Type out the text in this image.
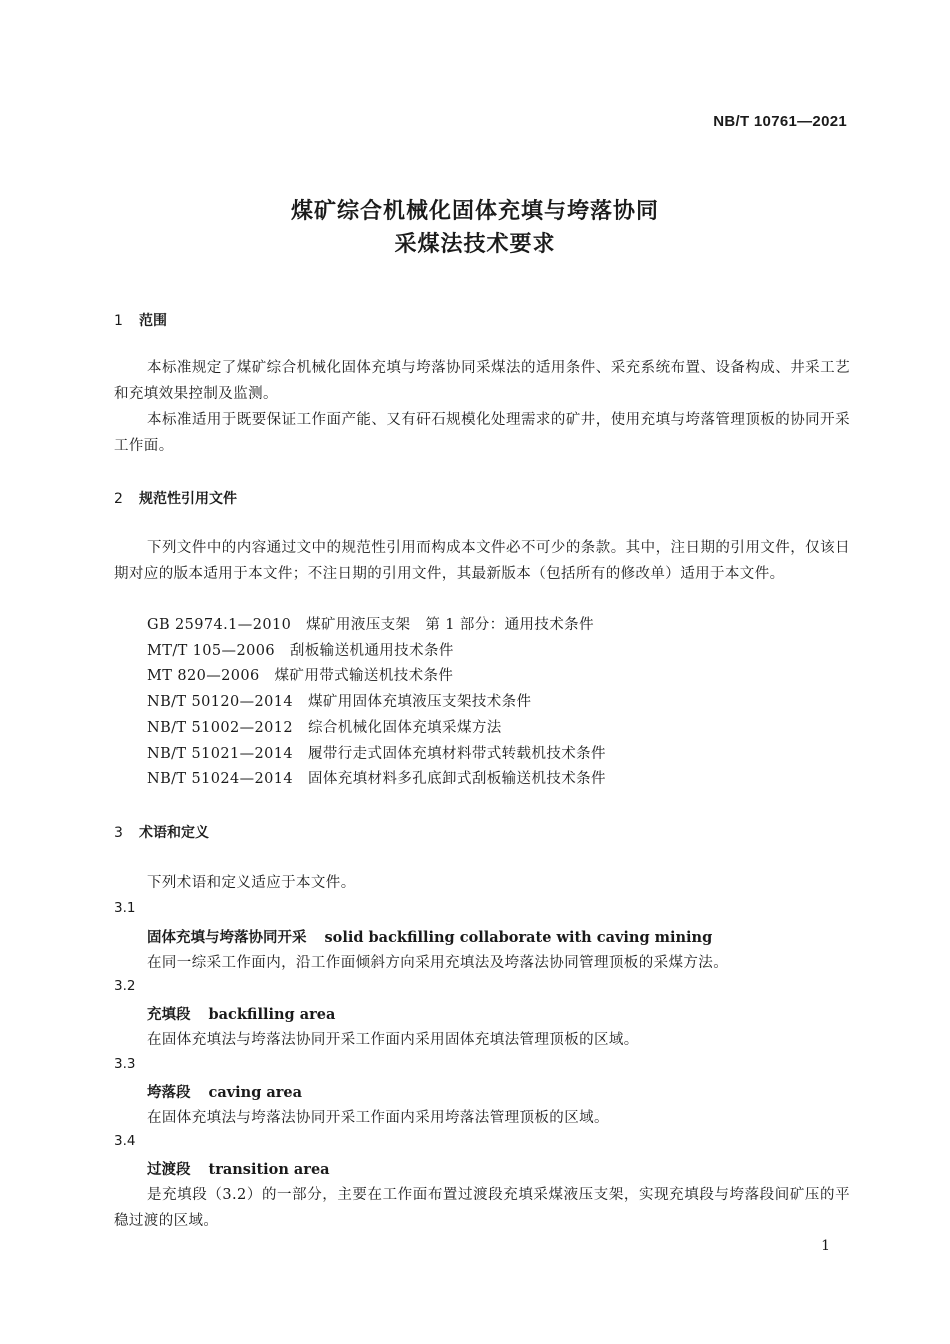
NB/T 10761—2021
煤矿综合机械化固体充填与垮落协同
采煤法技术要求
1 范围
本标准规定了煤矿综合机械化固体充填与垮落协同采煤法的适用条件、采充系统布置、设备构成、井采工艺和充填效果控制及监测。
本标准适用于既要保证工作面产能、又有矸石规模化处理需求的矿井，使用充填与垮落管理顶板的协同开采工作面。
2 规范性引用文件
下列文件中的内容通过文中的规范性引用而构成本文件必不可少的条款。其中，注日期的引用文件，仅该日期对应的版本适用于本文件；不注日期的引用文件，其最新版本（包括所有的修改单）适用于本文件。
GB 25974.1—2010　 煤矿用液压支架　第 1 部分：通用技术条件
MT/T 105—2006　 刮板输送机通用技术条件
MT 820—2006　 煤矿用带式输送机技术条件
NB/T 50120—2014　 煤矿用固体充填液压支架技术条件
NB/T 51002—2012　 综合机械化固体充填采煤方法
NB/T 51021—2014　 履带行走式固体充填材料带式转载机技术条件
NB/T 51024—2014　 固体充填材料多孔底卸式刮板输送机技术条件
3 术语和定义
下列术语和定义适应于本文件。
3.1
固体充填与垮落协同开采 solid backfilling collaborate with caving mining
在同一综采工作面内，沿工作面倾斜方向采用充填法及垮落法协同管理顶板的采煤方法。
3.2
充填段 backfilling area
在固体充填法与垮落法协同开采工作面内采用固体充填法管理顶板的区域。
3.3
垮落段 caving area
在固体充填法与垮落法协同开采工作面内采用垮落法管理顶板的区域。
3.4
过渡段 transition area
是充填段（3.2）的一部分，主要在工作面布置过渡段充填采煤液压支架，实现充填段与垮落段间矿压的平稳过渡的区域。
1
